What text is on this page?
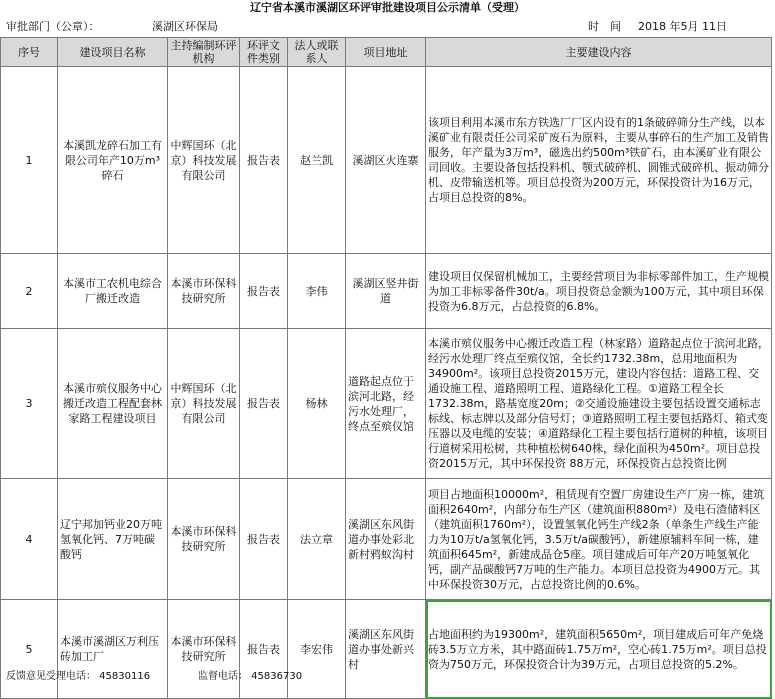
辽宁省本溪市溪湖区环评审批建设项目公示清单（受理）
审批部门（公章）：	溪湖区环保局	时　间 2018 年5月 11日
序号	建设项目名称	主持编制环评机构	环评文件类别	法人或联系人	项目地址	主要建设内容
1	本溪凯龙碎石加工有限公司年产10万m³碎石	中辉国环（北京）科技发展有限公司	报告表	赵兰凯	溪湖区火连寨	该项目利用本溪市东方铁选厂厂区内设有的1条破碎筛分生产线，以本溪矿业有限责任公司采矿废石为原料，主要从事碎石的生产加工及销售服务，年产量为3万m³，磁选出约500m³铁矿石，由本溪矿业有限公司回收。主要设备包括投料机、颚式破碎机、圆锥式破碎机、振动筛分机、皮带输送机等。项目总投资为200万元，环保投资计为16万元，占项目总投资的8%。
2	本溪市工农机电综合厂搬迁改造	本溪市环保科技研究所	报告表	李伟	溪湖区竖井街道	建设项目仅保留机械加工，主要经营项目为非标零部件加工，生产规模为加工非标零备件30t/a。项目投资总金额为100万元，其中项目环保投资为6.8万元，占总投资的6.8%。
3	本溪市殡仪服务中心搬迁改造工程配套林家路工程建设项目	中辉国环（北京）科技发展有限公司	报告表	杨林	道路起点位于滨河北路，经污水处理厂，终点至殡仪馆	本溪市殡仪服务中心搬迁改造工程（林家路）道路起点位于滨河北路，经污水处理厂终点至殡仪馆，全长约1732.38m，总用地面积为34900m²。该项目总投资2015万元，建设内容包括：道路工程、交通设施工程、道路照明工程、道路绿化工程。①道路工程全长1732.38m，路基宽度20m；②交通设施建设主要包括设置交通标志标线、标志牌以及部分信号灯；③道路照明工程主要包括路灯、箱式变压器以及电缆的安装；④道路绿化工程主要包括行道树的种植，该项目行道树采用松树，共种植松树640株，绿化面积为450m²。项目总投资2015万元，其中环保投资 88万元，环保投资占总投资比例
4	辽宁邦加钙业20万吨氢氧化钙、7万吨碳酸钙	本溪市环保科技研究所	报告表	法立章	溪湖区东风街道办事处彩北新村鸦蚁沟村	项目占地面积10000m²，租赁现有空置厂房建设生产厂房一栋，建筑面积2640m²，内部分布生产区（建筑面积880m²）及电石渣储料区（建筑面积1760m²），设置氢氧化钙生产线2条（单条生产线生产能力为10万t/a氢氧化钙，3.5万t/a碳酸钙），新建原辅料车间一栋，建筑面积645m²，新建成品仓5座。项目建成后可年产20万吨氢氧化钙，副产品碳酸钙7万吨的生产能力。本项目总投资为4900万元。其中环保投资30万元，占总投资比例的0.6%。
5	本溪市溪湖区万利压砖加工厂	本溪市环保科技研究所	报告表	李宏伟	溪湖区东风街道办事处新兴村	占地面积约为19300m²，建筑面积5650m²，项目建成后可年产免烧砖3.5万立方米，其中路面砖1.75万m²，空心砖1.75万m²。项目总投资为750万元，环保投资合计为39万元，占项目总投资的5.2%。
反馈意见受理电话： 45830116	监督电话： 45836730
